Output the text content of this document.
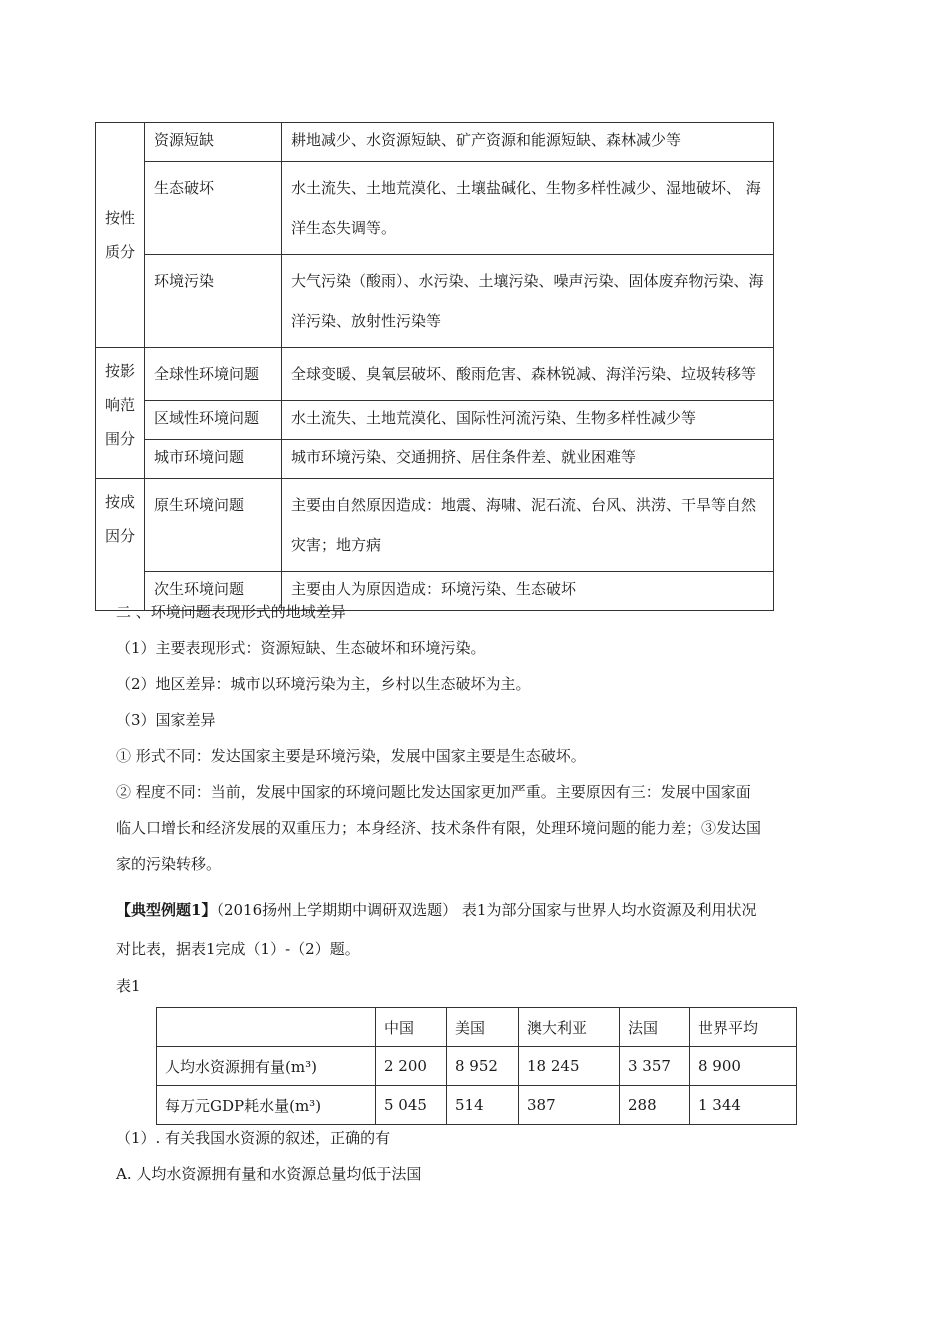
按性质分	资源短缺	耕地减少、水资源短缺、矿产资源和能源短缺、森林减少等
	生态破坏	水土流失、土地荒漠化、土壤盐碱化、生物多样性减少、湿地破坏、 海洋生态失调等。
	环境污染	大气污染（酸雨）、水污染、土壤污染、噪声污染、固体废弃物污染、海洋污染、放射性污染等

按影响范围分	全球性环境问题	全球变暖、臭氧层破坏、酸雨危害、森林锐减、海洋污染、垃圾转移等
	区域性环境问题	水土流失、土地荒漠化、国际性河流污染、生物多样性减少等
	城市环境问题	城市环境污染、交通拥挤、居住条件差、就业困难等

按成因分	原生环境问题	主要由自然原因造成：地震、海啸、泥石流、台风、洪涝、干旱等自然灾害；地方病
	次生环境问题	主要由人为原因造成：环境污染、生态破坏

二 、环境问题表现形式的地域差异

（1）主要表现形式：资源短缺、生态破坏和环境污染。

（2）地区差异：城市以环境污染为主，乡村以生态破坏为主。

（3）国家差异

① 形式不同：发达国家主要是环境污染，发展中国家主要是生态破坏。

② 程度不同：当前，发展中国家的环境问题比发达国家更加严重。主要原因有三：发展中国家面

临人口增长和经济发展的双重压力；本身经济、技术条件有限，处理环境问题的能力差；③发达国

家的污染转移。

【典型例题1】（2016扬州上学期期中调研双选题） 表1为部分国家与世界人均水资源及利用状况

对比表，据表1完成（1）-（2）题。

表1

	中国	美国	澳大利亚	法国	世界平均
人均水资源拥有量(m³)	2 200	8 952	18 245	3 357	8 900
每万元GDP耗水量(m³)	5 045	514	387	288	1 344

（1）. 有关我国水资源的叙述，正确的有

A. 人均水资源拥有量和水资源总量均低于法国
